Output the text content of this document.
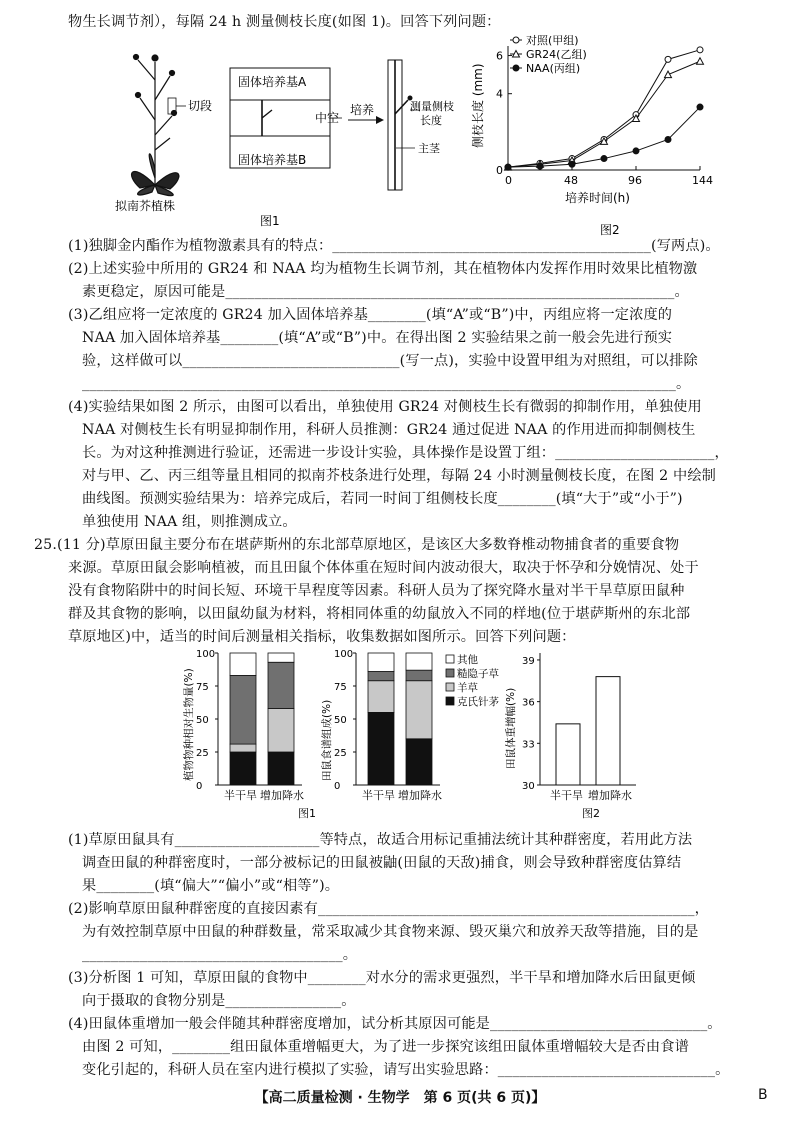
物生长调节剂），每隔 24 h 测量侧枝长度(如图 1)。回答下列问题：
切段
拟南芥植株
固体培养基A
固体培养基B
中空
培养	测量侧枝
长度
主茎
图1
0
4
6
0	48	96	144
培养时间(h)
侧枝长度 (mm)
图2
对照(甲组)
GR24(乙组)
NAA(丙组)
(1)独脚金内酯作为植物激素具有的特点：____________________________________________(写两点)。
(2)上述实验中所用的 GR24 和 NAA 均为植物生长调节剂，其在植物体内发挥作用时效果比植物激
素更稳定，原因可能是______________________________________________________________。
(3)乙组应将一定浓度的 GR24 加入固体培养基________(填“A”或“B”)中，丙组应将一定浓度的
NAA 加入固体培养基________(填“A”或“B”)中。在得出图 2 实验结果之前一般会先进行预实
验，这样做可以______________________________(写一点)，实验中设置甲组为对照组，可以排除
__________________________________________________________________________________。
(4)实验结果如图 2 所示，由图可以看出，单独使用 GR24 对侧枝生长有微弱的抑制作用，单独使用
NAA 对侧枝生长有明显抑制作用，科研人员推测：GR24 通过促进 NAA 的作用进而抑制侧枝生
长。为对这种推测进行验证，还需进一步设计实验，具体操作是设置丁组：______________________，
对与甲、乙、丙三组等量且相同的拟南芥枝条进行处理，每隔 24 小时测量侧枝长度，在图 2 中绘制
曲线图。预测实验结果为：培养完成后，若同一时间丁组侧枝长度________(填“大于”或“小于”)
单独使用 NAA 组，则推测成立。
25.(11 分)草原田鼠主要分布在堪萨斯州的东北部草原地区，是该区大多数脊椎动物捕食者的重要食物
来源。草原田鼠会影响植被，而且田鼠个体体重在短时间内波动很大，取决于怀孕和分娩情况、处于
没有食物陷阱中的时间长短、环境干旱程度等因素。科研人员为了探究降水量对半干旱草原田鼠种
群及其食物的影响，以田鼠幼鼠为材料，将相同体重的幼鼠放入不同的样地(位于堪萨斯州的东北部
草原地区)中，适当的时间后测量相关指标，收集数据如图所示。回答下列问题：
0
25
50
75
100
植物物种相对生物量(%)
半干旱 增加降水
图1
0
25
50
75
100
田鼠食谱组成(%)
半干旱 增加降水
其他
糙隐子草
羊草
克氏针茅
30
33
36
39
田鼠体重增幅(%)
半干旱 增加降水
图2
(1)草原田鼠具有____________________等特点，故适合用标记重捕法统计其种群密度，若用此方法
调查田鼠的种群密度时，一部分被标记的田鼠被鼬(田鼠的天敌)捕食，则会导致种群密度估算结
果________(填“偏大”“偏小”或“相等”)。
(2)影响草原田鼠种群密度的直接因素有____________________________________________________，
为有效控制草原中田鼠的种群数量，常采取减少其食物来源、毁灭巢穴和放养天敌等措施，目的是
____________________________________。
(3)分析图 1 可知，草原田鼠的食物中________对水分的需求更强烈，半干旱和增加降水后田鼠更倾
向于摄取的食物分别是________________。
(4)田鼠体重增加一般会伴随其种群密度增加，试分析其原因可能是______________________________。
由图 2 可知，________组田鼠体重增幅更大，为了进一步探究该组田鼠体重增幅较大是否由食谱
变化引起的，科研人员在室内进行模拟了实验，请写出实验思路：______________________________。
【高二质量检测 · 生物学　第 6 页(共 6 页)】	B
